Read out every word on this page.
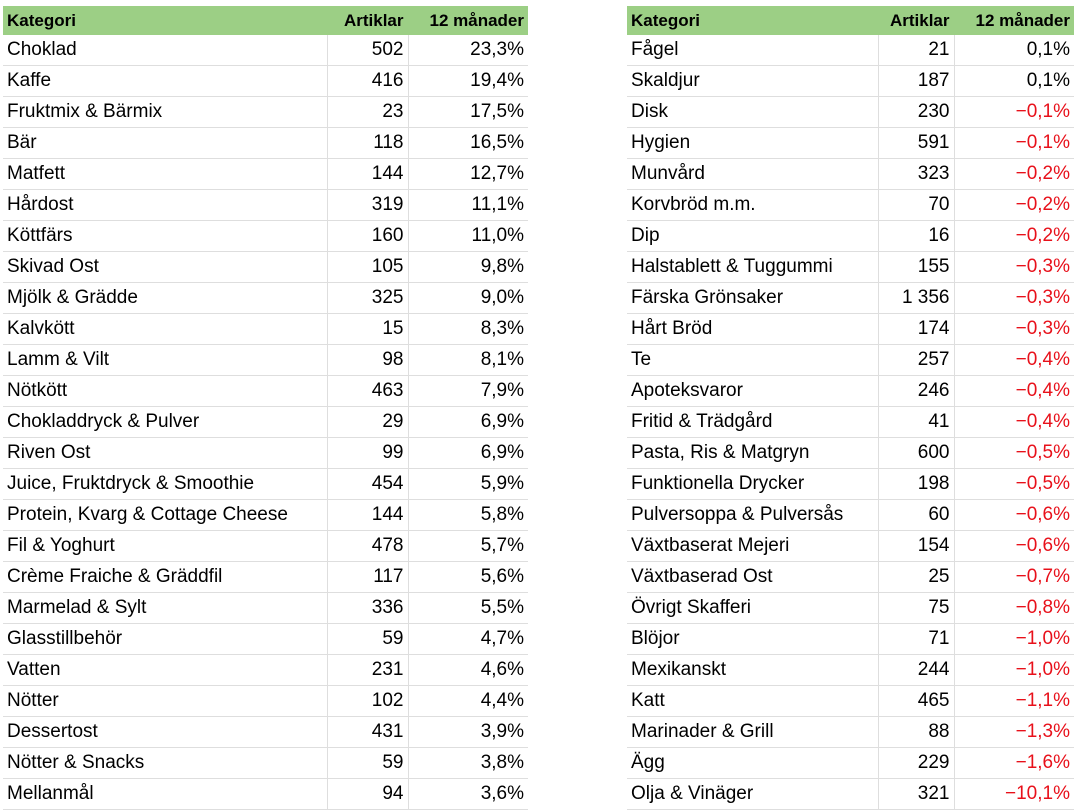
Kategori	Artiklar	12 månader
Choklad	502	23,3%
Kaffe	416	19,4%
Fruktmix & Bärmix	23	17,5%
Bär	118	16,5%
Matfett	144	12,7%
Hårdost	319	11,1%
Köttfärs	160	11,0%
Skivad Ost	105	9,8%
Mjölk & Grädde	325	9,0%
Kalvkött	15	8,3%
Lamm & Vilt	98	8,1%
Nötkött	463	7,9%
Chokladdryck & Pulver	29	6,9%
Riven Ost	99	6,9%
Juice, Fruktdryck & Smoothie	454	5,9%
Protein, Kvarg & Cottage Cheese	144	5,8%
Fil & Yoghurt	478	5,7%
Crème Fraiche & Gräddfil	117	5,6%
Marmelad & Sylt	336	5,5%
Glasstillbehör	59	4,7%
Vatten	231	4,6%
Nötter	102	4,4%
Dessertost	431	3,9%
Nötter & Snacks	59	3,8%
Mellanmål	94	3,6%
Kategori	Artiklar	12 månader
Fågel	21	0,1%
Skaldjur	187	0,1%
Disk	230	−0,1%
Hygien	591	−0,1%
Munvård	323	−0,2%
Korvbröd m.m.	70	−0,2%
Dip	16	−0,2%
Halstablett & Tuggummi	155	−0,3%
Färska Grönsaker	1 356	−0,3%
Hårt Bröd	174	−0,3%
Te	257	−0,4%
Apoteksvaror	246	−0,4%
Fritid & Trädgård	41	−0,4%
Pasta, Ris & Matgryn	600	−0,5%
Funktionella Drycker	198	−0,5%
Pulversoppa & Pulversås	60	−0,6%
Växtbaserat Mejeri	154	−0,6%
Växtbaserad Ost	25	−0,7%
Övrigt Skafferi	75	−0,8%
Blöjor	71	−1,0%
Mexikanskt	244	−1,0%
Katt	465	−1,1%
Marinader & Grill	88	−1,3%
Ägg	229	−1,6%
Olja & Vinäger	321	−10,1%
